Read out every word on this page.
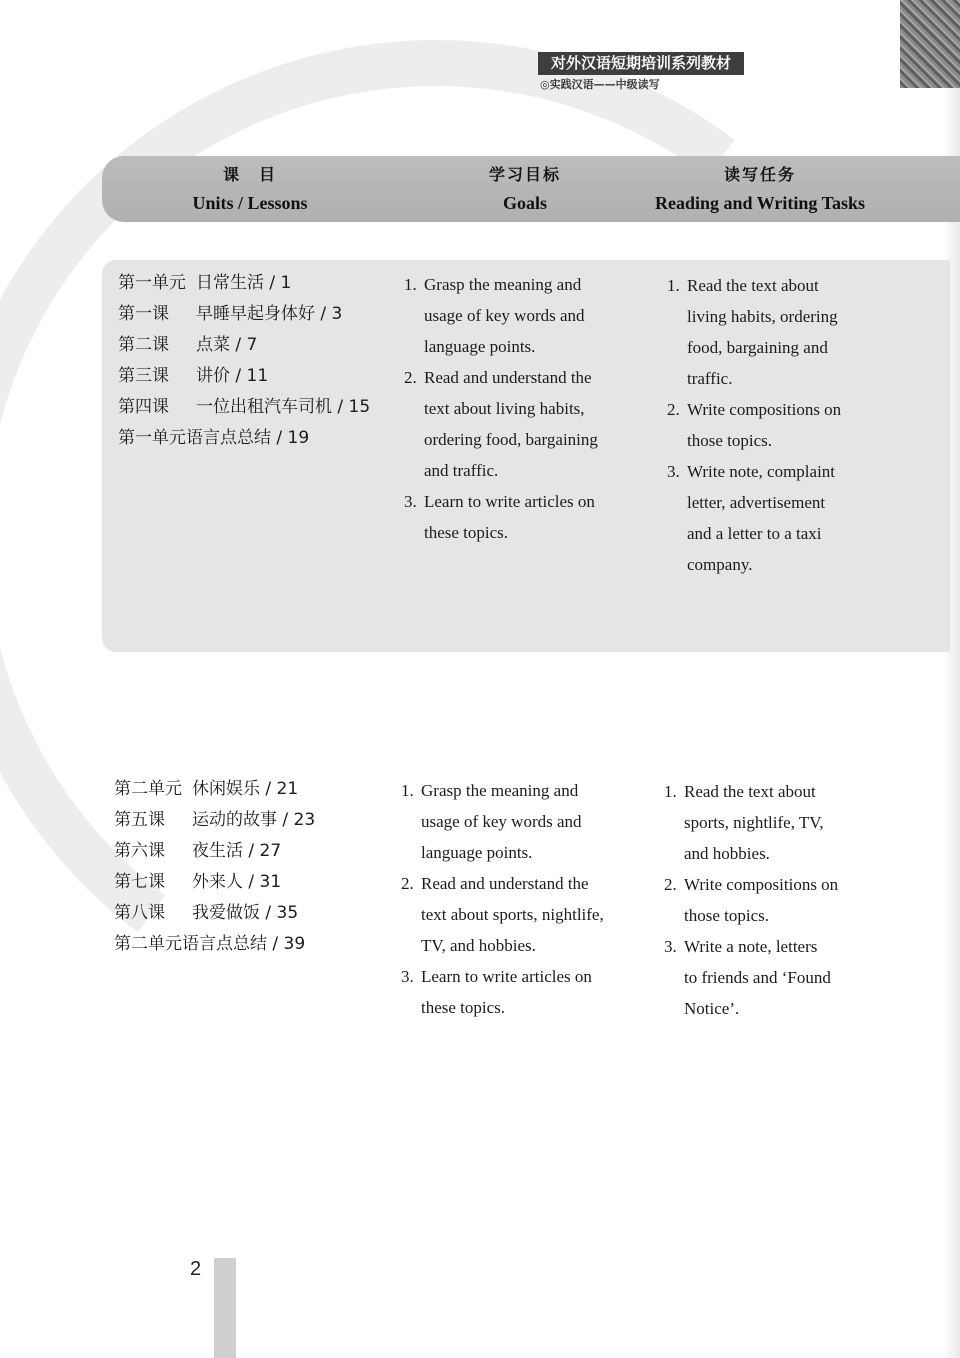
对外汉语短期培训系列教材
◎实践汉语——中级读写
课　目
Units / Lessons
学习目标
Goals
读写任务
Reading and Writing Tasks
第一单元 日常生活 / 1
第一课 早睡早起身体好 / 3
第二课 点菜 / 7
第三课 讲价 / 11
第四课 一位出租汽车司机 / 15
第一单元语言点总结 / 19
1. Grasp the meaning and
usage of key words and
language points.
2. Read and understand the
text about living habits,
ordering food, bargaining
and traffic.
3. Learn to write articles on
these topics.
1. Read the text about
living habits, ordering
food, bargaining and
traffic.
2. Write compositions on
those topics.
3. Write note, complaint
letter, advertisement
and a letter to a taxi
company.
第二单元 休闲娱乐 / 21
第五课 运动的故事 / 23
第六课 夜生活 / 27
第七课 外来人 / 31
第八课 我爱做饭 / 35
第二单元语言点总结 / 39
1. Grasp the meaning and
usage of key words and
language points.
2. Read and understand the
text about sports, nightlife,
TV, and hobbies.
3. Learn to write articles on
these topics.
1. Read the text about
sports, nightlife, TV,
and hobbies.
2. Write compositions on
those topics.
3. Write a note, letters
to friends and ‘Found
Notice’.
2
